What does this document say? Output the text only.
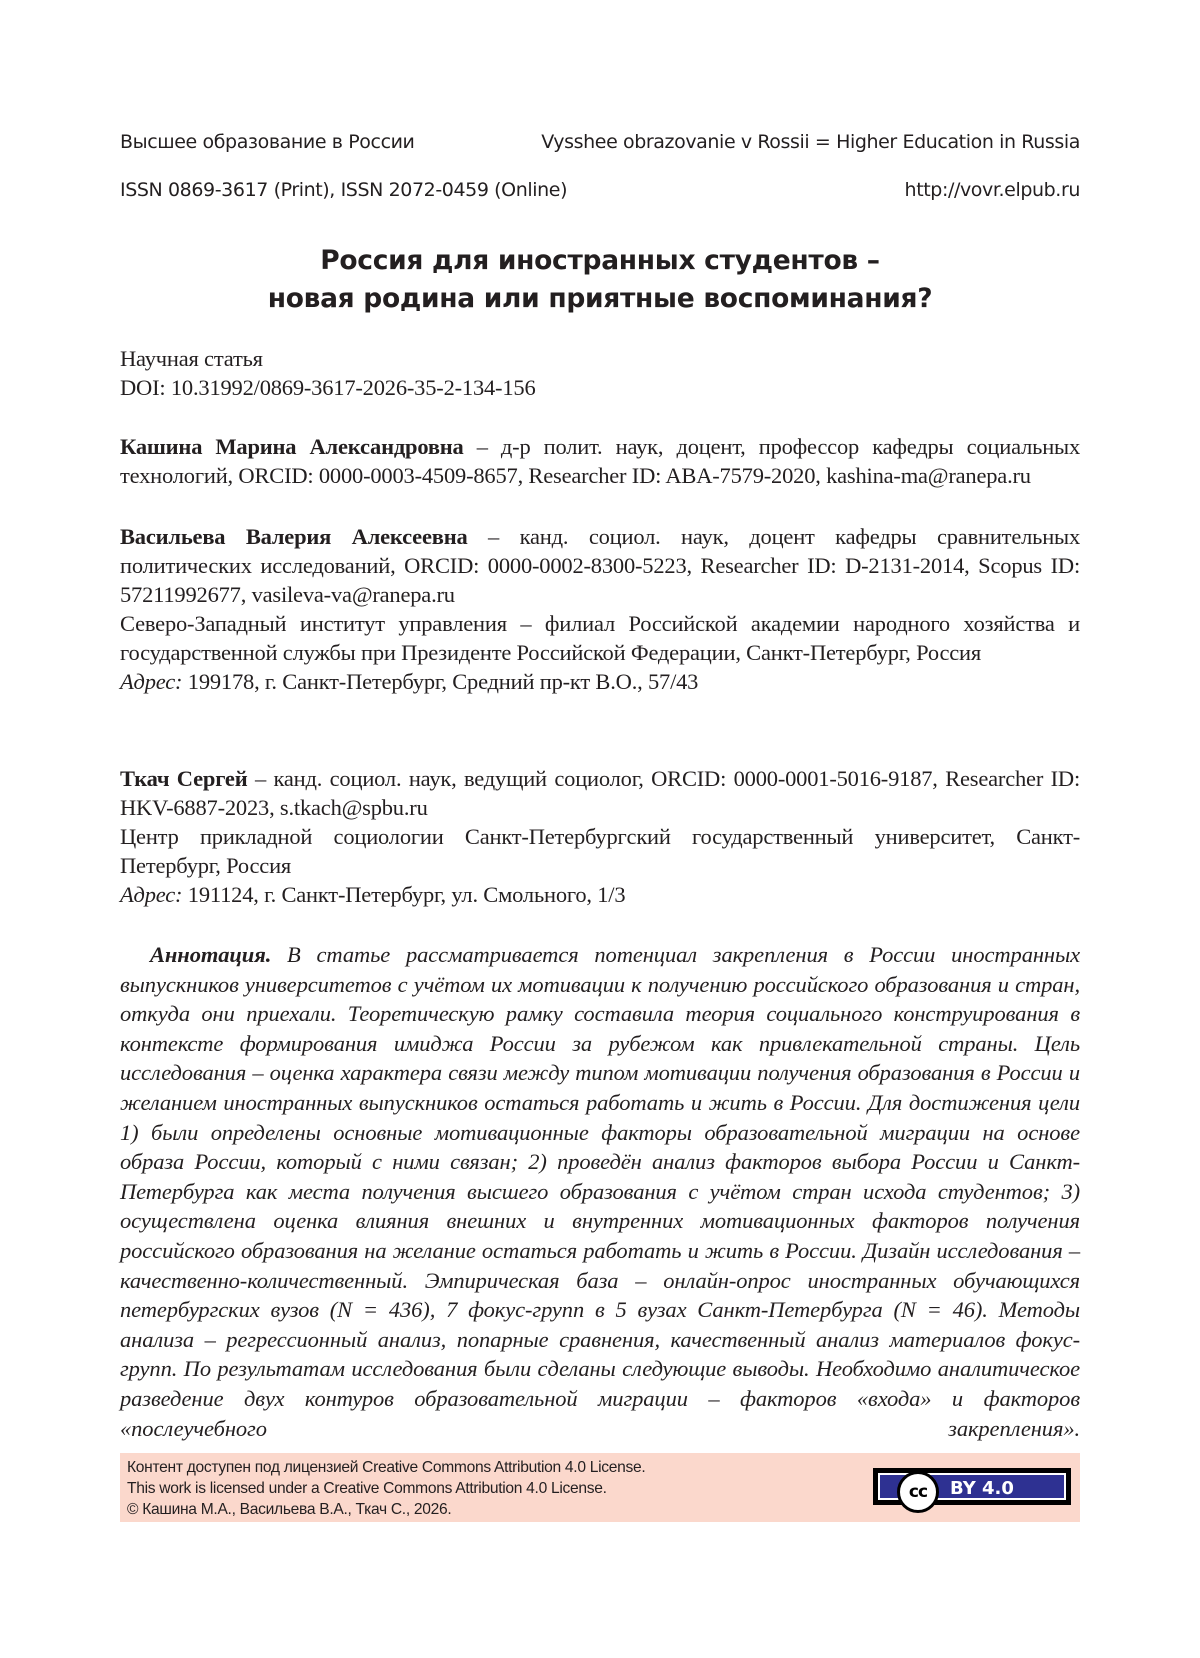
Высшее образование в России	Vysshee obrazovanie v Rossii = Higher Education in Russia
ISSN 0869-3617 (Print), ISSN 2072-0459 (Online)	http://vovr.elpub.ru
Россия для иностранных студентов –
новая родина или приятные воспоминания?

Научная статья

DOI: 10.31992/0869-3617-2026-35-2-134-156

Кашина Марина Александровна – д-р полит. наук, доцент, профессор кафедры социальных технологий, ORCID: 0000-0003-4509-8657, Researcher ID: ABA-7579-2020, kashina-ma@ranepa.ru

Васильева Валерия Алексеевна – канд. социол. наук, доцент кафедры сравнительных политических исследований, ORCID: 0000-0002-8300-5223, Researcher ID: D-2131-2014, Scopus ID: 57211992677, vasileva-va@ranepa.ru

Северо-Западный институт управления – филиал Российской академии народного хозяйства и государственной службы при Президенте Российской Федерации, Санкт-Петербург, Россия

Адрес: 199178, г. Санкт-Петербург, Средний пр-кт В.О., 57/43

Ткач Сергей – канд. социол. наук, ведущий социолог, ORCID: 0000-0001-5016-9187, Researcher ID: HKV-6887-2023, s.tkach@spbu.ru

Центр прикладной социологии Санкт-Петербургский государственный университет, Санкт-Петербург, Россия

Адрес: 191124, г. Санкт-Петербург, ул. Смольного, 1/3

Аннотация. В статье рассматривается потенциал закрепления в России иностранных выпускников университетов с учётом их мотивации к получению российского образования и стран, откуда они приехали. Теоретическую рамку составила теория социального конструирования в контексте формирования имиджа России за рубежом как привлекательной страны. Цель исследования – оценка характера связи между типом мотивации получения образования в России и желанием иностранных выпускников остаться работать и жить в России. Для достижения цели 1) были определены основные мотивационные факторы образовательной миграции на основе образа России, который с ними связан; 2) проведён анализ факторов выбора России и Санкт-Петербурга как места получения высшего образования с учётом стран исхода студентов; 3) осуществлена оценка влияния внешних и внутренних мотивационных факторов получения российского образования на желание остаться работать и жить в России. Дизайн исследования – качественно-количественный. Эмпирическая база – онлайн-опрос иностранных обучающихся петербургских вузов (N = 436), 7 фокус-групп в 5 вузах Санкт-Петербурга (N = 46). Методы анализа – регрессионный анализ, попарные сравнения, качественный анализ материалов фокус-групп. По результатам исследования были сделаны следующие выводы. Необходимо аналитическое разведение двух контуров образовательной миграции – факторов «входа» и факторов «послеучебного закрепления».
Контент доступен под лицензией Creative Commons Attribution 4.0 License.
This work is licensed under a Creative Commons Attribution 4.0 License.
© Кашина М.А., Васильева В.А., Ткач С., 2026.
cc	BY 4.0
